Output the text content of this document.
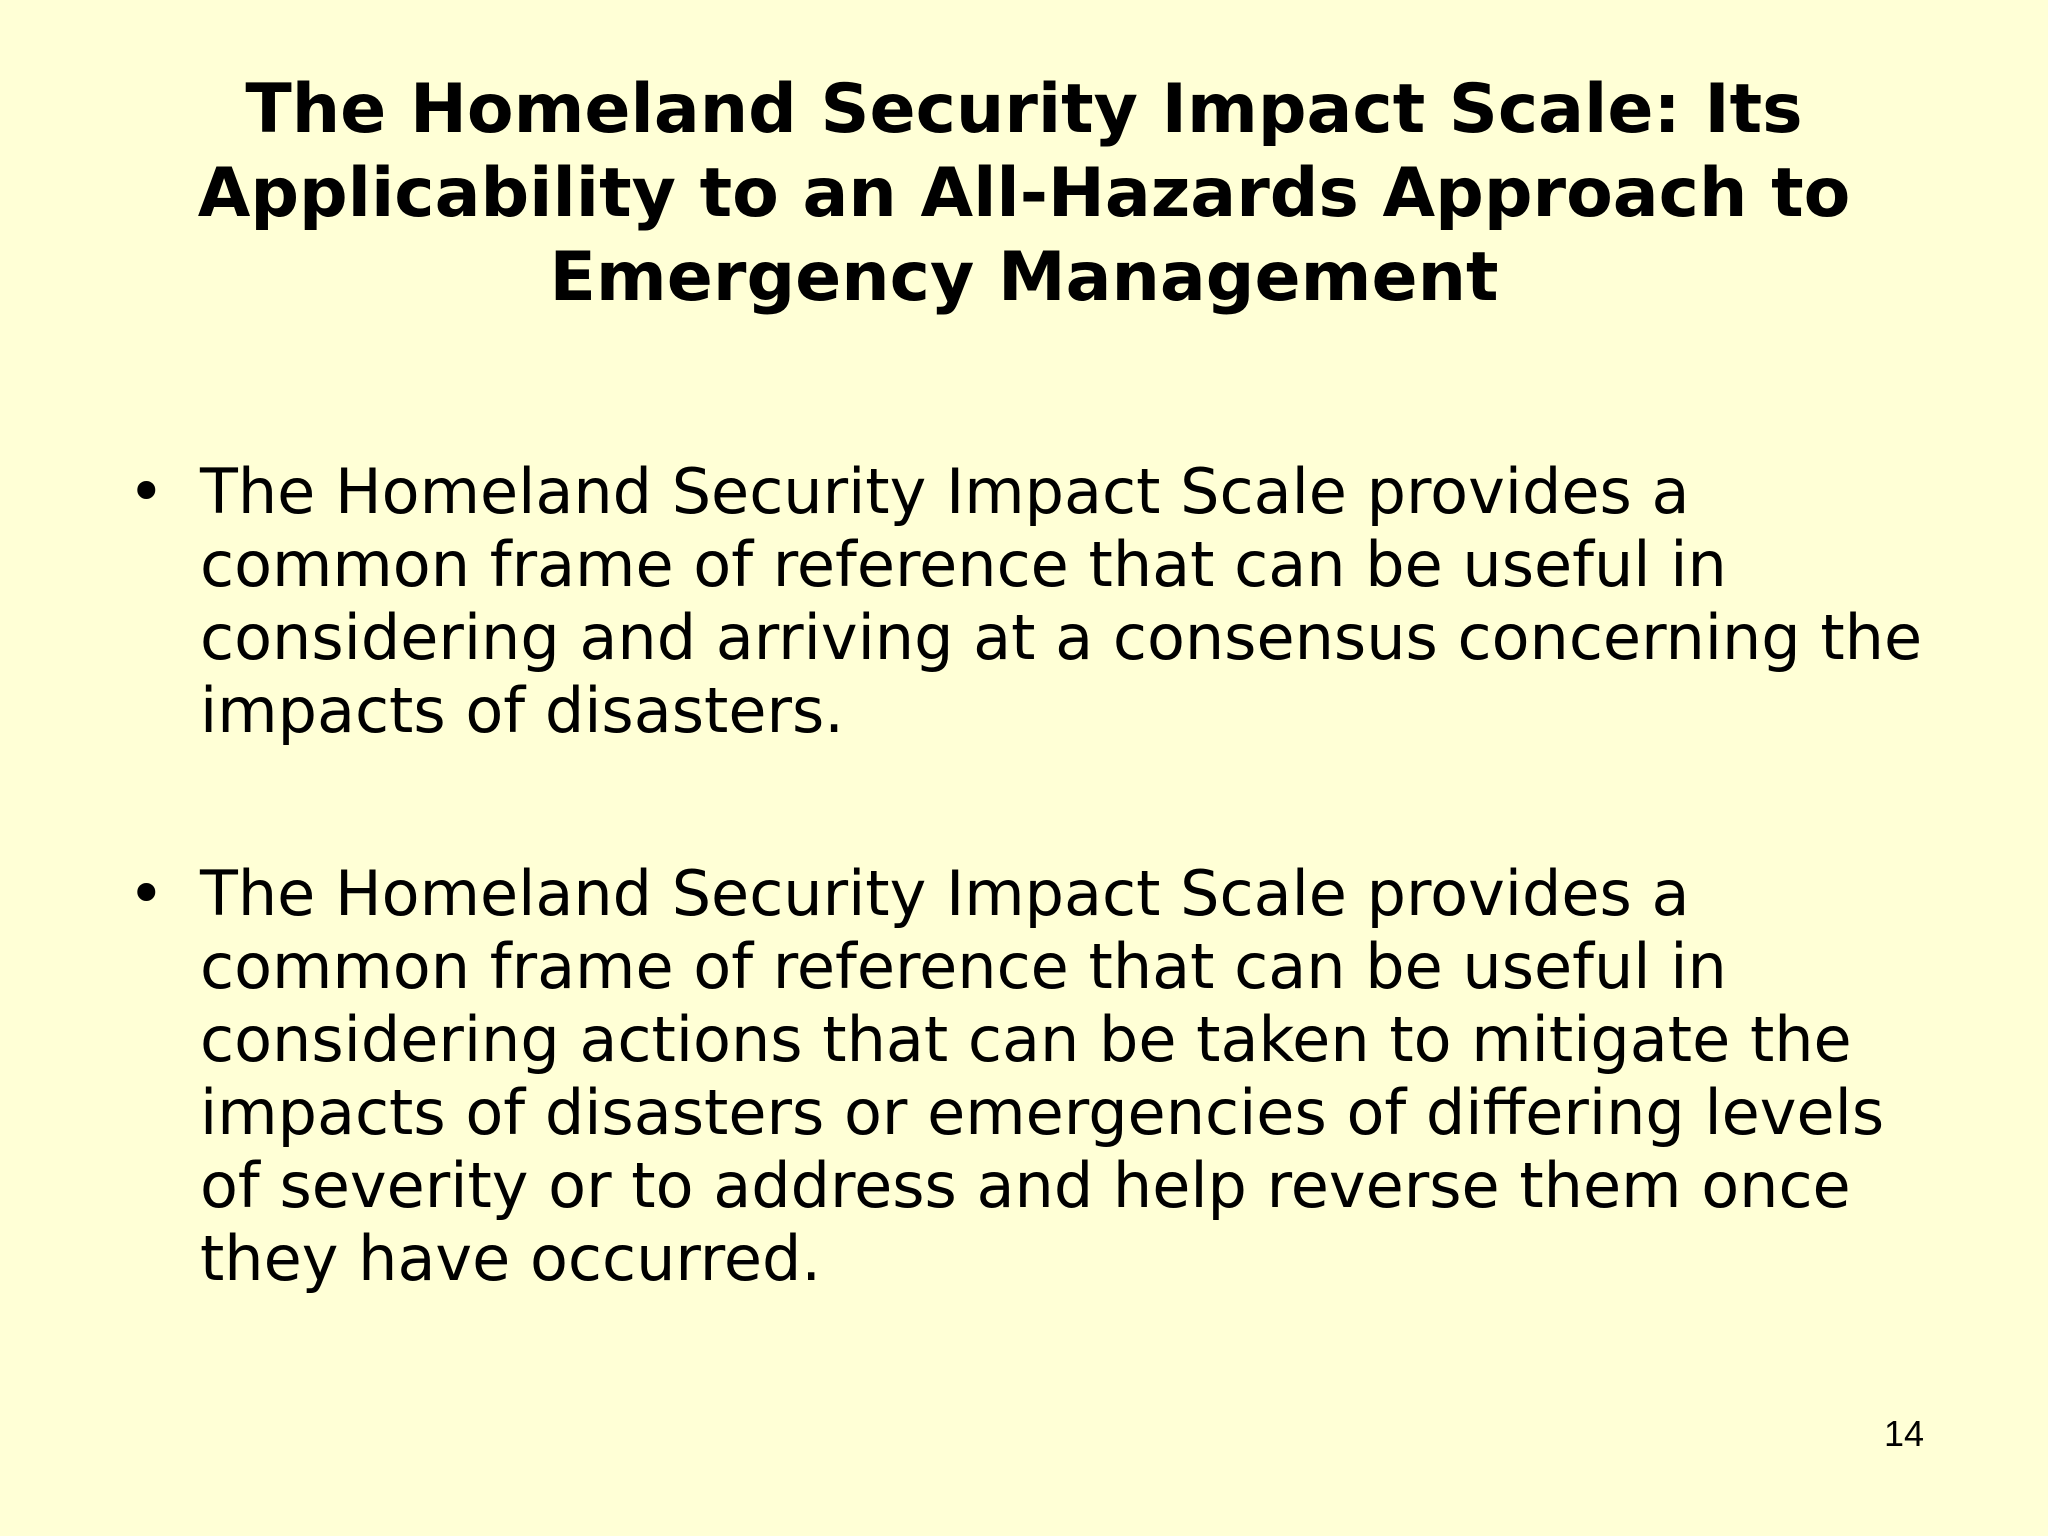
The Homeland Security Impact Scale: Its Applicability to an All-Hazards Approach to Emergency Management
• The Homeland Security Impact Scale provides a common frame of reference that can be useful in considering and arriving at a consensus concerning the impacts of disasters.
• The Homeland Security Impact Scale provides a common frame of reference that can be useful in considering actions that can be taken to mitigate the impacts of disasters or emergencies of differing levels of severity or to address and help reverse them once they have occurred.
14
